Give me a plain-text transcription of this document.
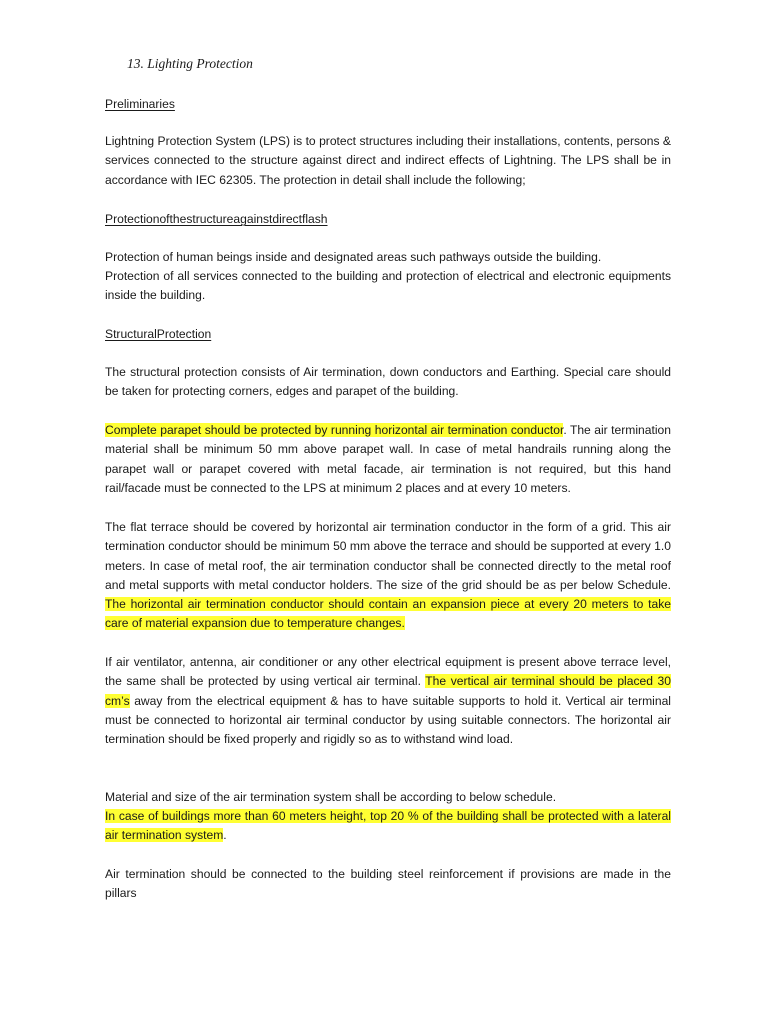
13. Lighting Protection
Preliminaries

Lightning Protection System (LPS) is to protect structures including their installations, contents, persons & services connected to the structure against direct and indirect effects of Lightning. The LPS shall be in accordance with IEC 62305. The protection in detail shall include the following;

Protectionofthestructureagainstdirectflash

Protection of human beings inside and designated areas such pathways outside the building.

Protection of all services connected to the building and protection of electrical and electronic equipments inside the building.

StructuralProtection

The structural protection consists of Air termination, down conductors and Earthing. Special care should be taken for protecting corners, edges and parapet of the building.

Complete parapet should be protected by running horizontal air termination conductor. The air termination material shall be minimum 50 mm above parapet wall. In case of metal handrails running along the parapet wall or parapet covered with metal facade, air termination is not required, but this hand rail/facade must be connected to the LPS at minimum 2 places and at every 10 meters.

The flat terrace should be covered by horizontal air termination conductor in the form of a grid. This air termination conductor should be minimum 50 mm above the terrace and should be supported at every 1.0 meters. In case of metal roof, the air termination conductor shall be connected directly to the metal roof and metal supports with metal conductor holders. The size of the grid should be as per below Schedule. The horizontal air termination conductor should contain an expansion piece at every 20 meters to take care of material expansion due to temperature changes.

If air ventilator, antenna, air conditioner or any other electrical equipment is present above terrace level, the same shall be protected by using vertical air terminal. The vertical air terminal should be placed 30 cm’s away from the electrical equipment & has to have suitable supports to hold it. Vertical air terminal must be connected to horizontal air terminal conductor by using suitable connectors. The horizontal air termination should be fixed properly and rigidly so as to withstand wind load.

Material and size of the air termination system shall be according to below schedule.

In case of buildings more than 60 meters height, top 20 % of the building shall be protected with a lateral air termination system.

Air termination should be connected to the building steel reinforcement if provisions are made in the pillars
